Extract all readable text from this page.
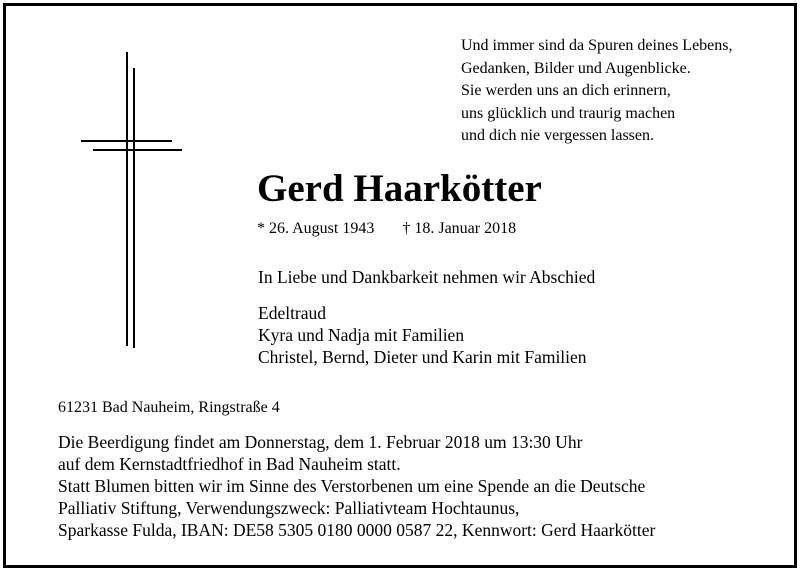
Und immer sind da Spuren deines Lebens,
Gedanken, Bilder und Augenblicke.
Sie werden uns an dich erinnern,
uns glücklich und traurig machen
und dich nie vergessen lassen.
Gerd Haarkötter
* 26. August 1943 † 18. Januar 2018
In Liebe und Dankbarkeit nehmen wir Abschied
Edeltraud
Kyra und Nadja mit Familien
Christel, Bernd, Dieter und Karin mit Familien
61231 Bad Nauheim, Ringstraße 4
Die Beerdigung findet am Donnerstag, dem 1. Februar 2018 um 13:30 Uhr
auf dem Kernstadtfriedhof in Bad Nauheim statt.
Statt Blumen bitten wir im Sinne des Verstorbenen um eine Spende an die Deutsche
Palliativ Stiftung, Verwendungszweck: Palliativteam Hochtaunus,
Sparkasse Fulda, IBAN: DE58 5305 0180 0000 0587 22, Kennwort: Gerd Haarkötter
